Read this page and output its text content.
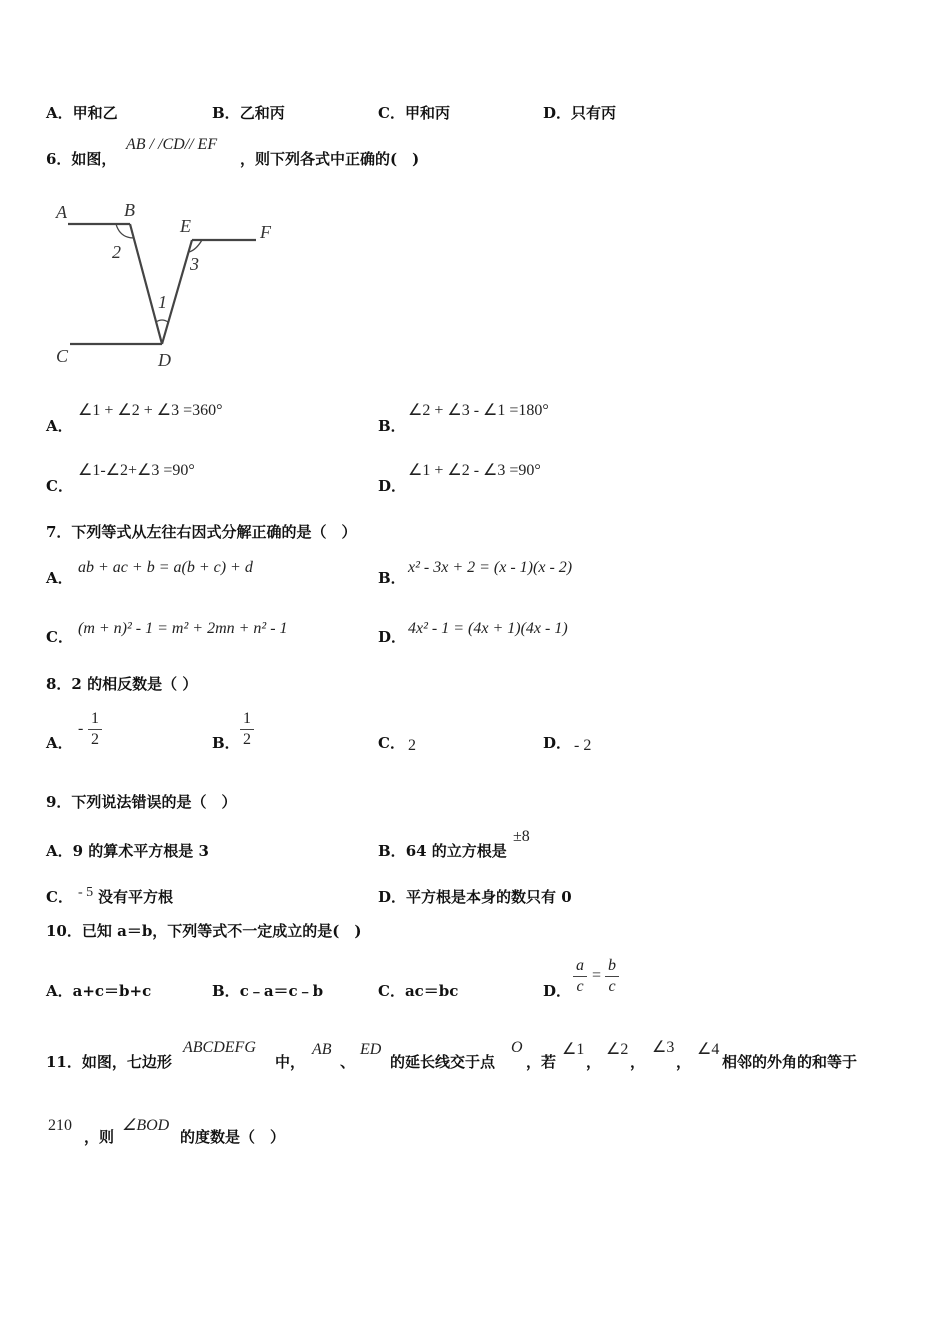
A．甲和乙	B．乙和丙	C．甲和丙	D．只有丙
6．如图，
AB / /CD// EF
，则下列各式中正确的(　)
A	B
E	F
C	D
2
3
1
A．
∠1 + ∠2 + ∠3 =360°
B．
∠2 + ∠3 - ∠1 =180°
C．
∠1-∠2+∠3 =90°
D．
∠1 + ∠2 - ∠3 =90°
7．下列等式从左往右因式分解正确的是（　）
A．
ab + ac + b = a(b + c) + d
B．
x² - 3x + 2 = (x - 1)(x - 2)
C． (m + n)² - 1 = m² + 2mn + n² - 1	D． 4x² - 1 = (4x + 1)(4x - 1)
8．2 的相反数是（ ）
A．
-
1
2	B．
1
2	C． 2	D． - 2
9．下列说法错误的是（　）
A．9 的算术平方根是 3	B．64 的立方根是
±8
C． - 5 没有平方根	D．平方根是本身的数只有 0
10．已知 a＝b，下列等式不一定成立的是(　)
A．a+c＝b+c	B．c﹣a＝c﹣b	C．ac＝bc	D．
a
c
=
b
c
11．如图，七边形
ABCDEFG
中，
AB
、
ED
的延长线交于点
O
，若
∠1
，
∠2
，
∠3
，
∠4
相邻的外角的和等于
210
，则
∠BOD
的度数是（　）
